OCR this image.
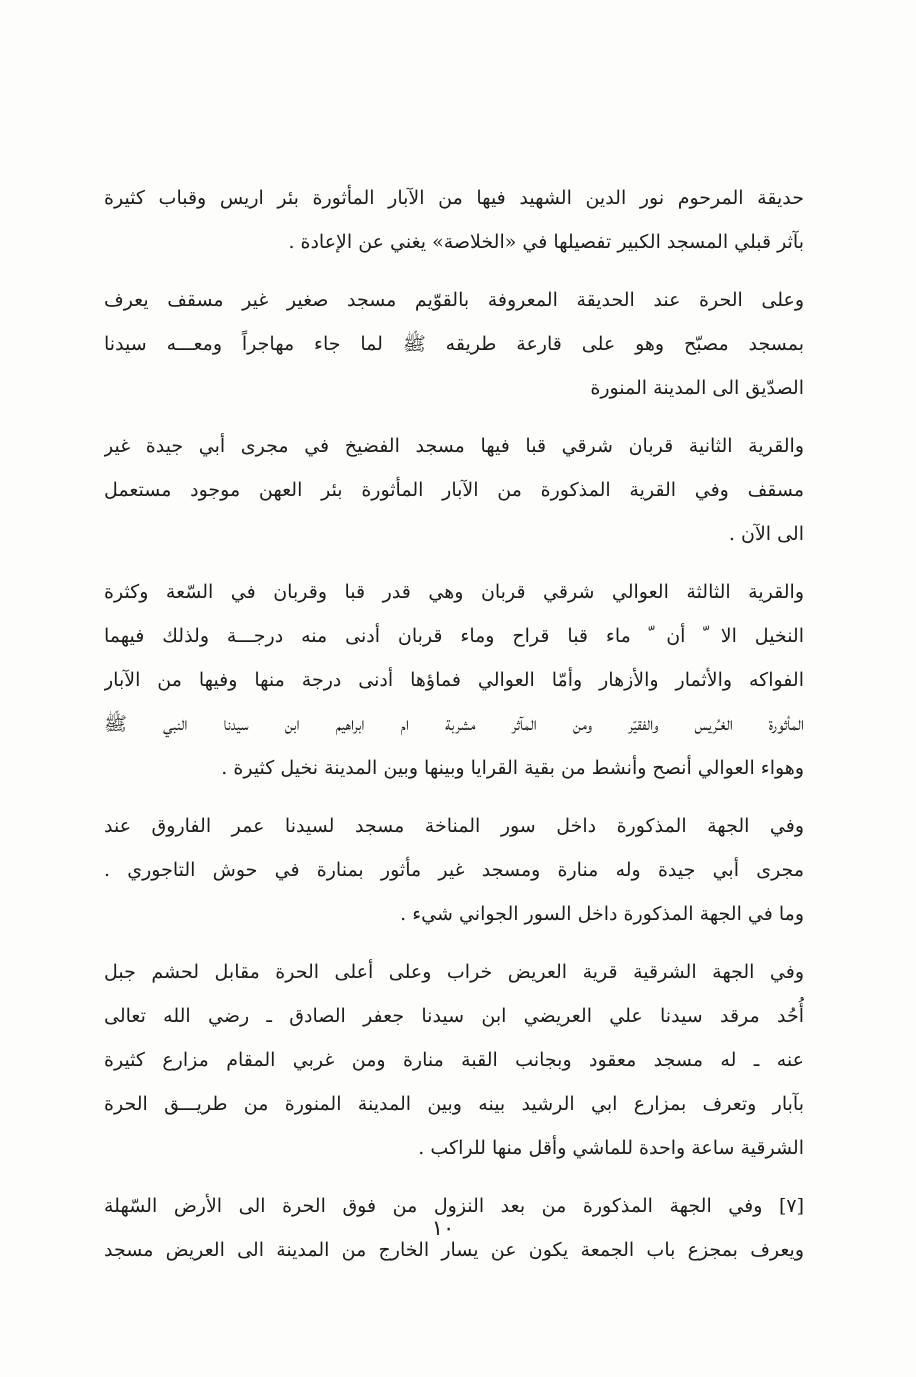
حديقة المرحوم نور الدين الشهيد فيها من الآبار المأثورة بئر اريس وقباب كثيرة
بآثر قبلي المسجد الكبير تفصيلها في «الخلاصة» يغني عن الإعادة .
وعلى الحرة عند الحديقة المعروفة بالقوّيم مسجد صغير غير مسقف يعرف
بمسجد مصبّح وهو على قارعة طريقه ﷺ لما جاء مهاجراً ومعـــه سيدنا
الصدّيق الى المدينة المنورة
والقرية الثانية قربان شرقي قبا فيها مسجد الفضيخ في مجرى أبي جيدة غير
مسقف وفي القرية المذكورة من الآبار المأثورة بئر العهن موجود مستعمل
الى الآن .
والقرية الثالثة العوالي شرقي قربان وهي قدر قبا وقربان في السّعة وكثرة
النخيل الا ّ أن ّ ماء قبا قراح وماء قربان أدنى منه درجـــة ولذلك فيهما
الفواكه والأثمار والأزهار وأمّا العوالي فماؤها أدنى درجة منها وفيها من الآبار
المأثورة الغـُريس والفقيّر ومن المآثر مشربة ام ابراهيم ابن سيدنا النبي ﷺ
وهواء العوالي أنصح وأنشط من بقية القرايا وبينها وبين المدينة نخيل كثيرة .
وفي الجهة المذكورة داخل سور المناخة مسجد لسيدنا عمر الفاروق عند
مجرى أبي جيدة وله منارة ومسجد غير مأثور بمنارة في حوش التاجوري .
وما في الجهة المذكورة داخل السور الجواني شيء .
وفي الجهة الشرقية قرية العريض خراب وعلى أعلى الحرة مقابل لحشم جبل
أُحُد مرقد سيدنا علي العريضي ابن سيدنا جعفر الصادق ـ رضي الله تعالى
عنه ـ له مسجد معقود وبجانب القبة منارة ومن غربي المقام مزارع كثيرة
بآبار وتعرف بمزارع ابي الرشيد بينه وبين المدينة المنورة من طريـــق الحرة
الشرقية ساعة واحدة للماشي وأقل منها للراكب .
[٧] وفي الجهة المذكورة من بعد النزول من فوق الحرة الى الأرض السّهلة
ويعرف بمجزع باب الجمعة يكون عن يسار الخارج من المدينة الى العريض مسجد
١٠
